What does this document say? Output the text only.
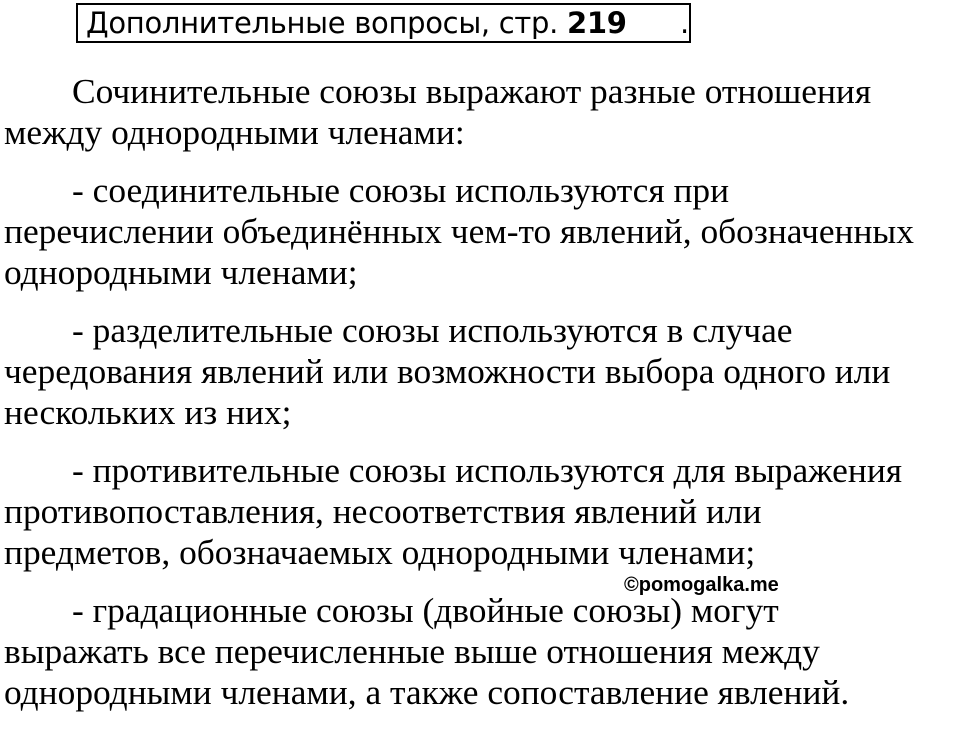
Дополнительные вопросы, стр. 219	.

Сочинительные союзы выражают разные отношения
между однородными членами:

- соединительные союзы используются при
перечислении объединённых чем-то явлений, обозначенных
однородными членами;

- разделительные союзы используются в случае
чередования явлений или возможности выбора одного или
нескольких из них;

- противительные союзы используются для выражения
противопоставления, несоответствия явлений или
предметов, обозначаемых однородными членами;

- градационные союзы (двойные союзы) могут
выражать все перечисленные выше отношения между
однородными членами, а также сопоставление явлений.

©pomogalka.me
